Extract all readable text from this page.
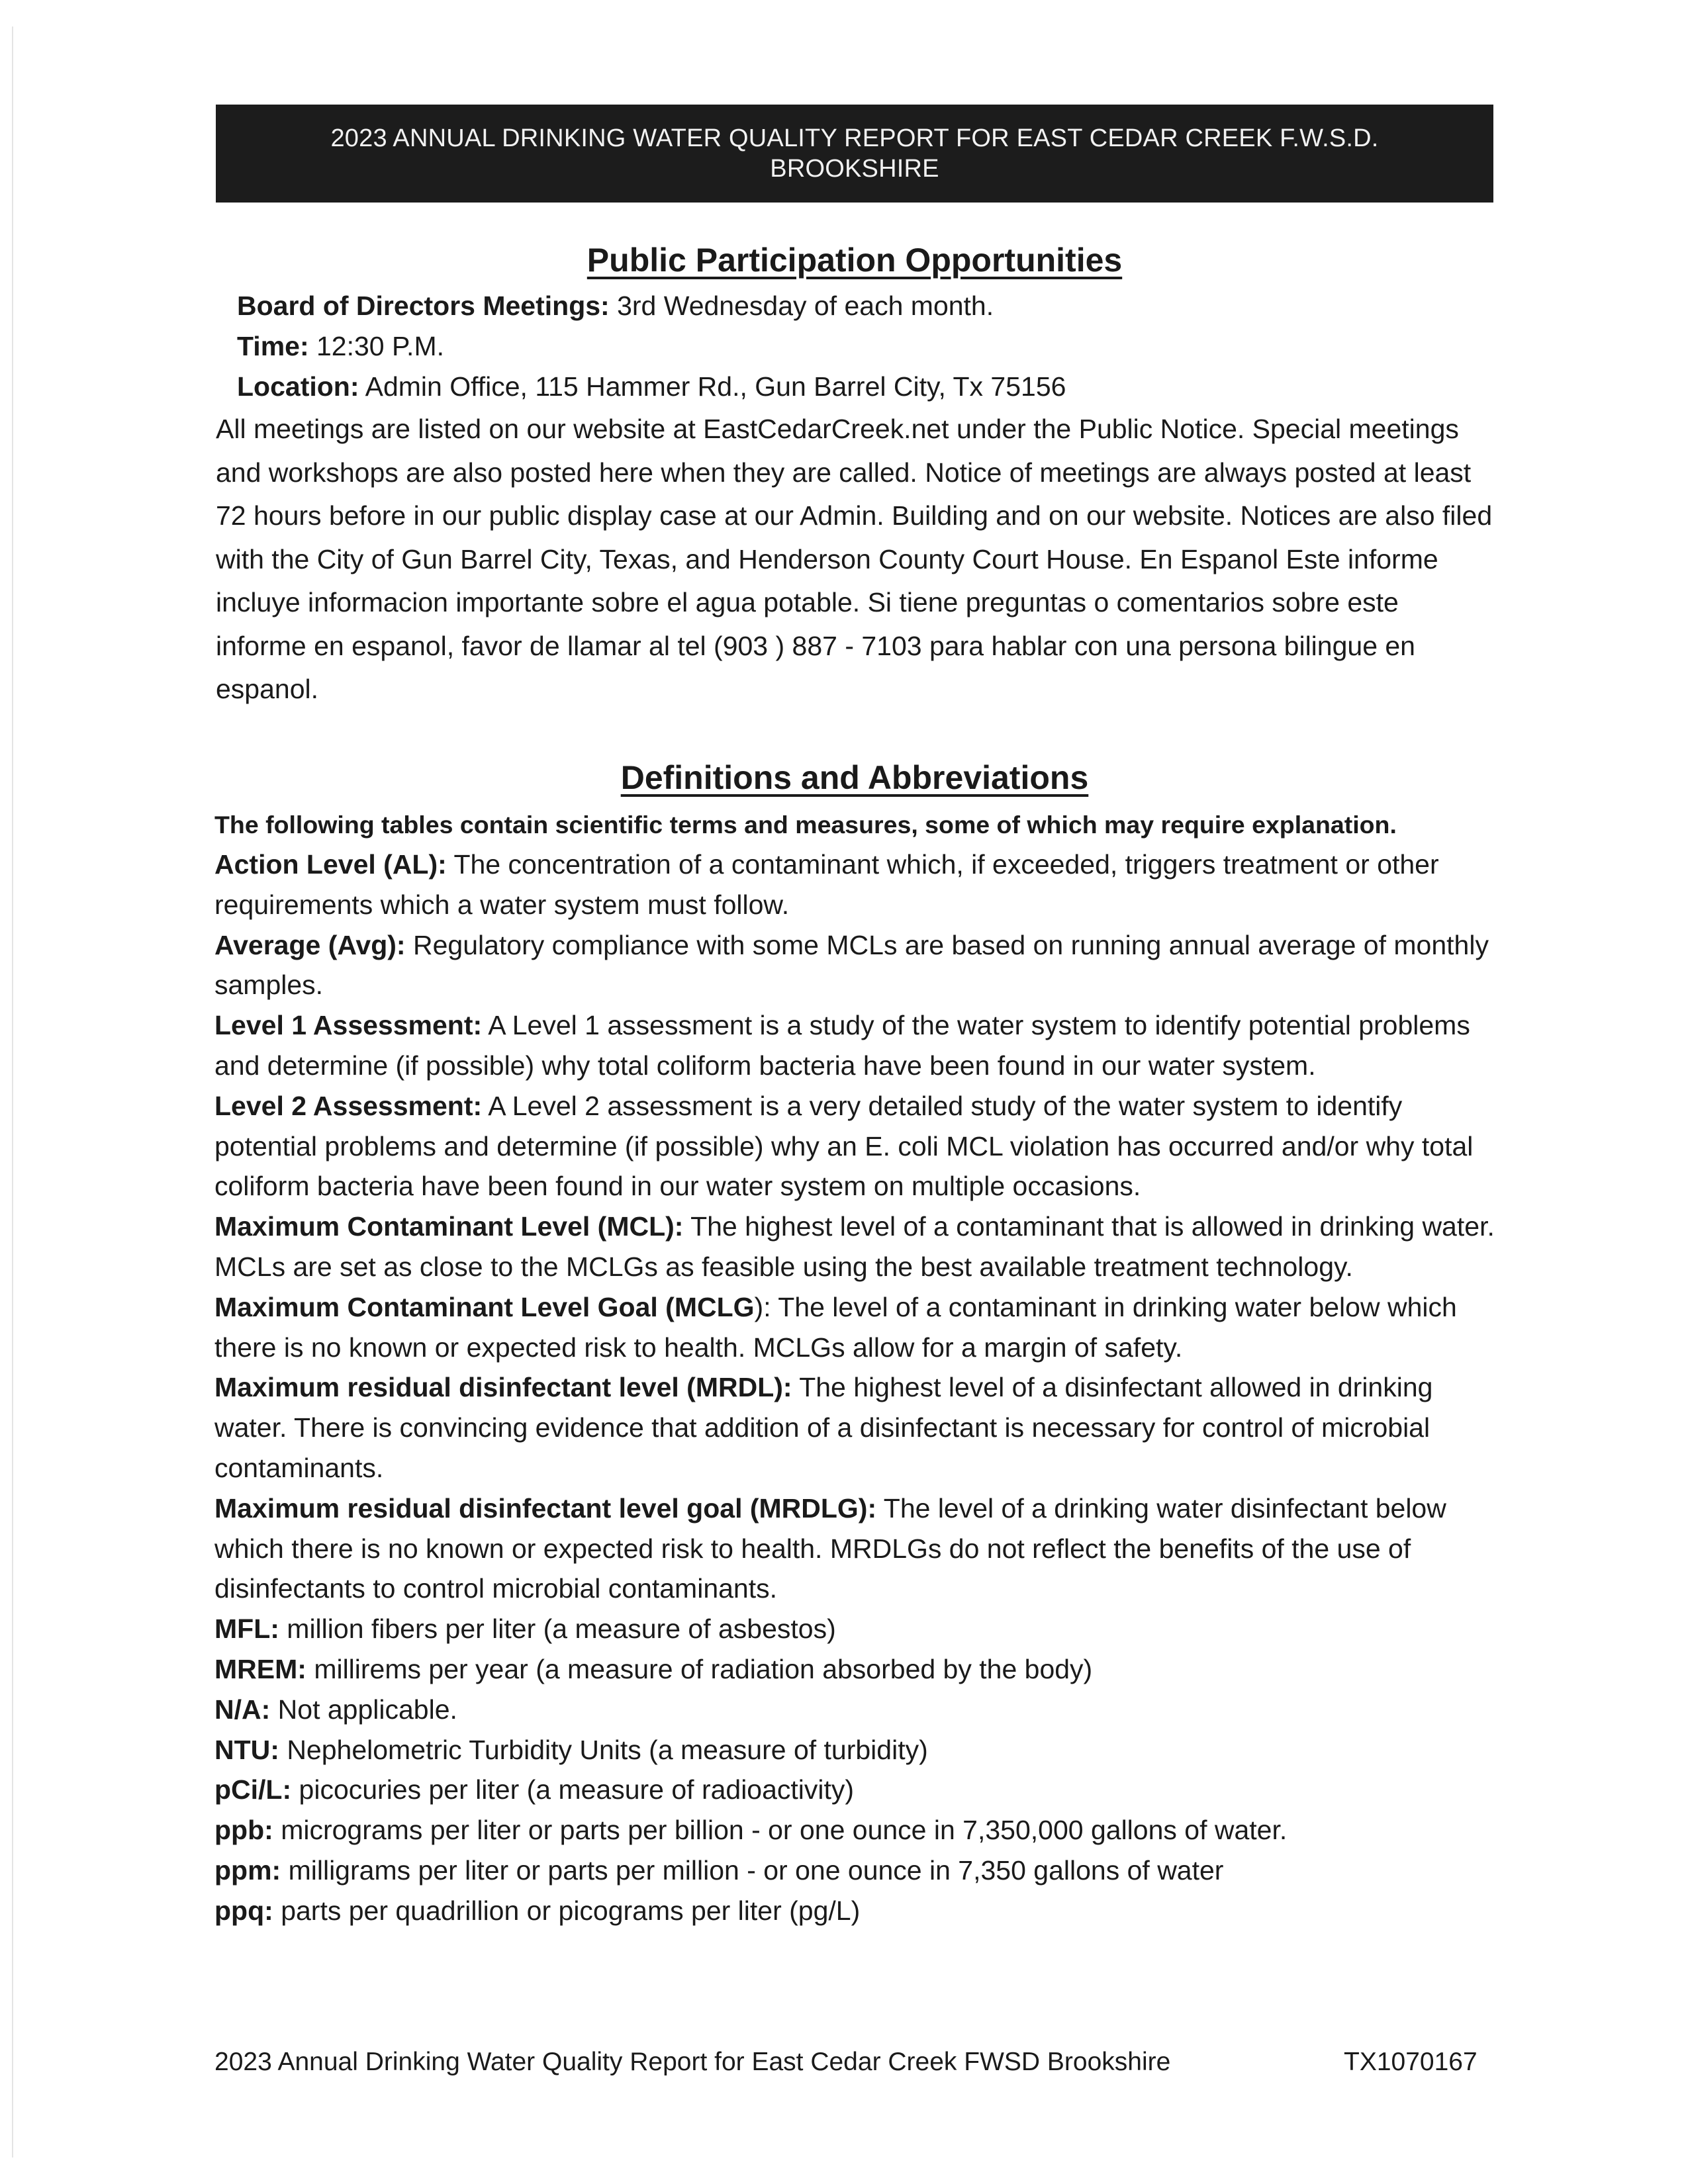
2023 ANNUAL DRINKING WATER QUALITY REPORT FOR EAST CEDAR CREEK F.W.S.D.
BROOKSHIRE
Public Participation Opportunities
Board of Directors Meetings: 3rd Wednesday of each month.
Time: 12:30 P.M.
Location: Admin Office, 115 Hammer Rd., Gun Barrel City, Tx 75156
All meetings are listed on our website at EastCedarCreek.net under the Public Notice. Special meetings and workshops are also posted here when they are called. Notice of meetings are always posted at least 72 hours before in our public display case at our Admin. Building and on our website. Notices are also filed with the City of Gun Barrel City, Texas, and Henderson County Court House. En Espanol Este informe incluye informacion importante sobre el agua potable. Si tiene preguntas o comentarios sobre este informe en espanol, favor de llamar al tel (903 ) 887 - 7103 para hablar con una persona bilingue en espanol.
Definitions and Abbreviations
The following tables contain scientific terms and measures, some of which may require explanation.
Action Level (AL): The concentration of a contaminant which, if exceeded, triggers treatment or other requirements which a water system must follow.
Average (Avg): Regulatory compliance with some MCLs are based on running annual average of monthly samples.
Level 1 Assessment: A Level 1 assessment is a study of the water system to identify potential problems and determine (if possible) why total coliform bacteria have been found in our water system.
Level 2 Assessment: A Level 2 assessment is a very detailed study of the water system to identify potential problems and determine (if possible) why an E. coli MCL violation has occurred and/or why total coliform bacteria have been found in our water system on multiple occasions.
Maximum Contaminant Level (MCL): The highest level of a contaminant that is allowed in drinking water. MCLs are set as close to the MCLGs as feasible using the best available treatment technology.
Maximum Contaminant Level Goal (MCLG): The level of a contaminant in drinking water below which there is no known or expected risk to health. MCLGs allow for a margin of safety.
Maximum residual disinfectant level (MRDL): The highest level of a disinfectant allowed in drinking water. There is convincing evidence that addition of a disinfectant is necessary for control of microbial contaminants.
Maximum residual disinfectant level goal (MRDLG): The level of a drinking water disinfectant below which there is no known or expected risk to health. MRDLGs do not reflect the benefits of the use of disinfectants to control microbial contaminants.
MFL: million fibers per liter (a measure of asbestos)
MREM: millirems per year (a measure of radiation absorbed by the body)
N/A: Not applicable.
NTU: Nephelometric Turbidity Units (a measure of turbidity)
pCi/L: picocuries per liter (a measure of radioactivity)
ppb: micrograms per liter or parts per billion - or one ounce in 7,350,000 gallons of water.
ppm: milligrams per liter or parts per million - or one ounce in 7,350 gallons of water
ppq: parts per quadrillion or picograms per liter (pg/L)
2023 Annual Drinking Water Quality Report for East Cedar Creek FWSD Brookshire	TX1070167
